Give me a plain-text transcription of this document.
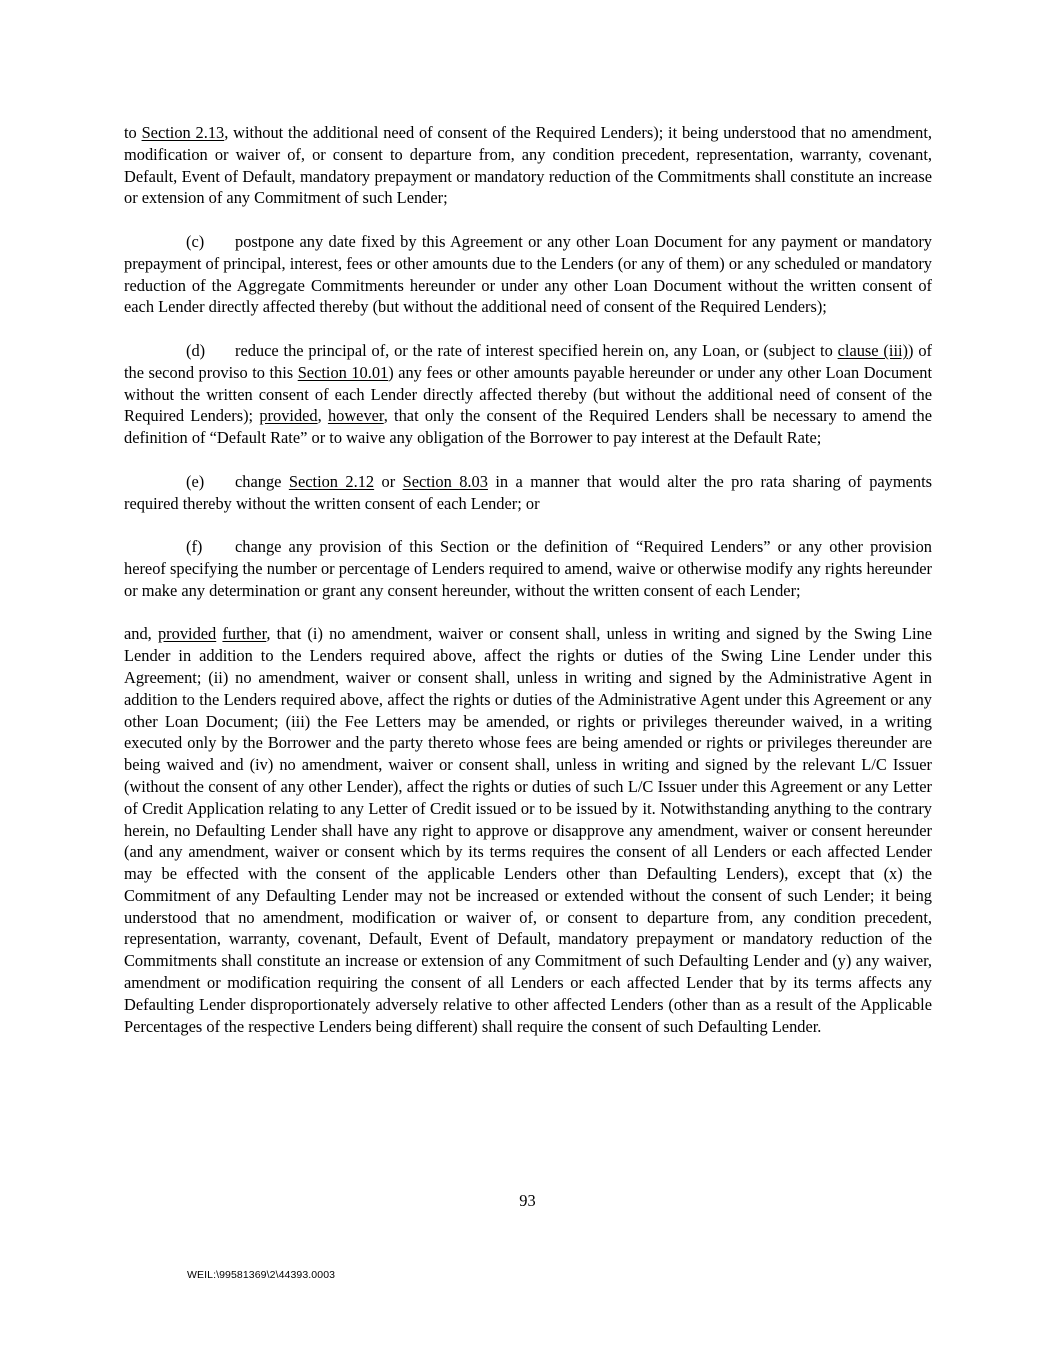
to Section 2.13, without the additional need of consent of the Required Lenders); it being understood that no amendment, modification or waiver of, or consent to departure from, any condition precedent, representation, warranty, covenant, Default, Event of Default, mandatory prepayment or mandatory reduction of the Commitments shall constitute an increase or extension of any Commitment of such Lender;

(c) postpone any date fixed by this Agreement or any other Loan Document for any payment or mandatory prepayment of principal, interest, fees or other amounts due to the Lenders (or any of them) or any scheduled or mandatory reduction of the Aggregate Commitments hereunder or under any other Loan Document without the written consent of each Lender directly affected thereby (but without the additional need of consent of the Required Lenders);

(d) reduce the principal of, or the rate of interest specified herein on, any Loan, or (subject to clause (iii)) of the second proviso to this Section 10.01) any fees or other amounts payable hereunder or under any other Loan Document without the written consent of each Lender directly affected thereby (but without the additional need of consent of the Required Lenders); provided, however, that only the consent of the Required Lenders shall be necessary to amend the definition of “Default Rate” or to waive any obligation of the Borrower to pay interest at the Default Rate;

(e) change Section 2.12 or Section 8.03 in a manner that would alter the pro rata sharing of payments required thereby without the written consent of each Lender; or

(f) change any provision of this Section or the definition of “Required Lenders” or any other provision hereof specifying the number or percentage of Lenders required to amend, waive or otherwise modify any rights hereunder or make any determination or grant any consent hereunder, without the written consent of each Lender;

and, provided further, that (i) no amendment, waiver or consent shall, unless in writing and signed by the Swing Line Lender in addition to the Lenders required above, affect the rights or duties of the Swing Line Lender under this Agreement; (ii) no amendment, waiver or consent shall, unless in writing and signed by the Administrative Agent in addition to the Lenders required above, affect the rights or duties of the Administrative Agent under this Agreement or any other Loan Document; (iii) the Fee Letters may be amended, or rights or privileges thereunder waived, in a writing executed only by the Borrower and the party thereto whose fees are being amended or rights or privileges thereunder are being waived and (iv) no amendment, waiver or consent shall, unless in writing and signed by the relevant L/C Issuer (without the consent of any other Lender), affect the rights or duties of such L/C Issuer under this Agreement or any Letter of Credit Application relating to any Letter of Credit issued or to be issued by it. Notwithstanding anything to the contrary herein, no Defaulting Lender shall have any right to approve or disapprove any amendment, waiver or consent hereunder (and any amendment, waiver or consent which by its terms requires the consent of all Lenders or each affected Lender may be effected with the consent of the applicable Lenders other than Defaulting Lenders), except that (x) the Commitment of any Defaulting Lender may not be increased or extended without the consent of such Lender; it being understood that no amendment, modification or waiver of, or consent to departure from, any condition precedent, representation, warranty, covenant, Default, Event of Default, mandatory prepayment or mandatory reduction of the Commitments shall constitute an increase or extension of any Commitment of such Defaulting Lender and (y) any waiver, amendment or modification requiring the consent of all Lenders or each affected Lender that by its terms affects any Defaulting Lender disproportionately adversely relative to other affected Lenders (other than as a result of the Applicable Percentages of the respective Lenders being different) shall require the consent of such Defaulting Lender.

93
WEIL:\99581369\2\44393.0003
